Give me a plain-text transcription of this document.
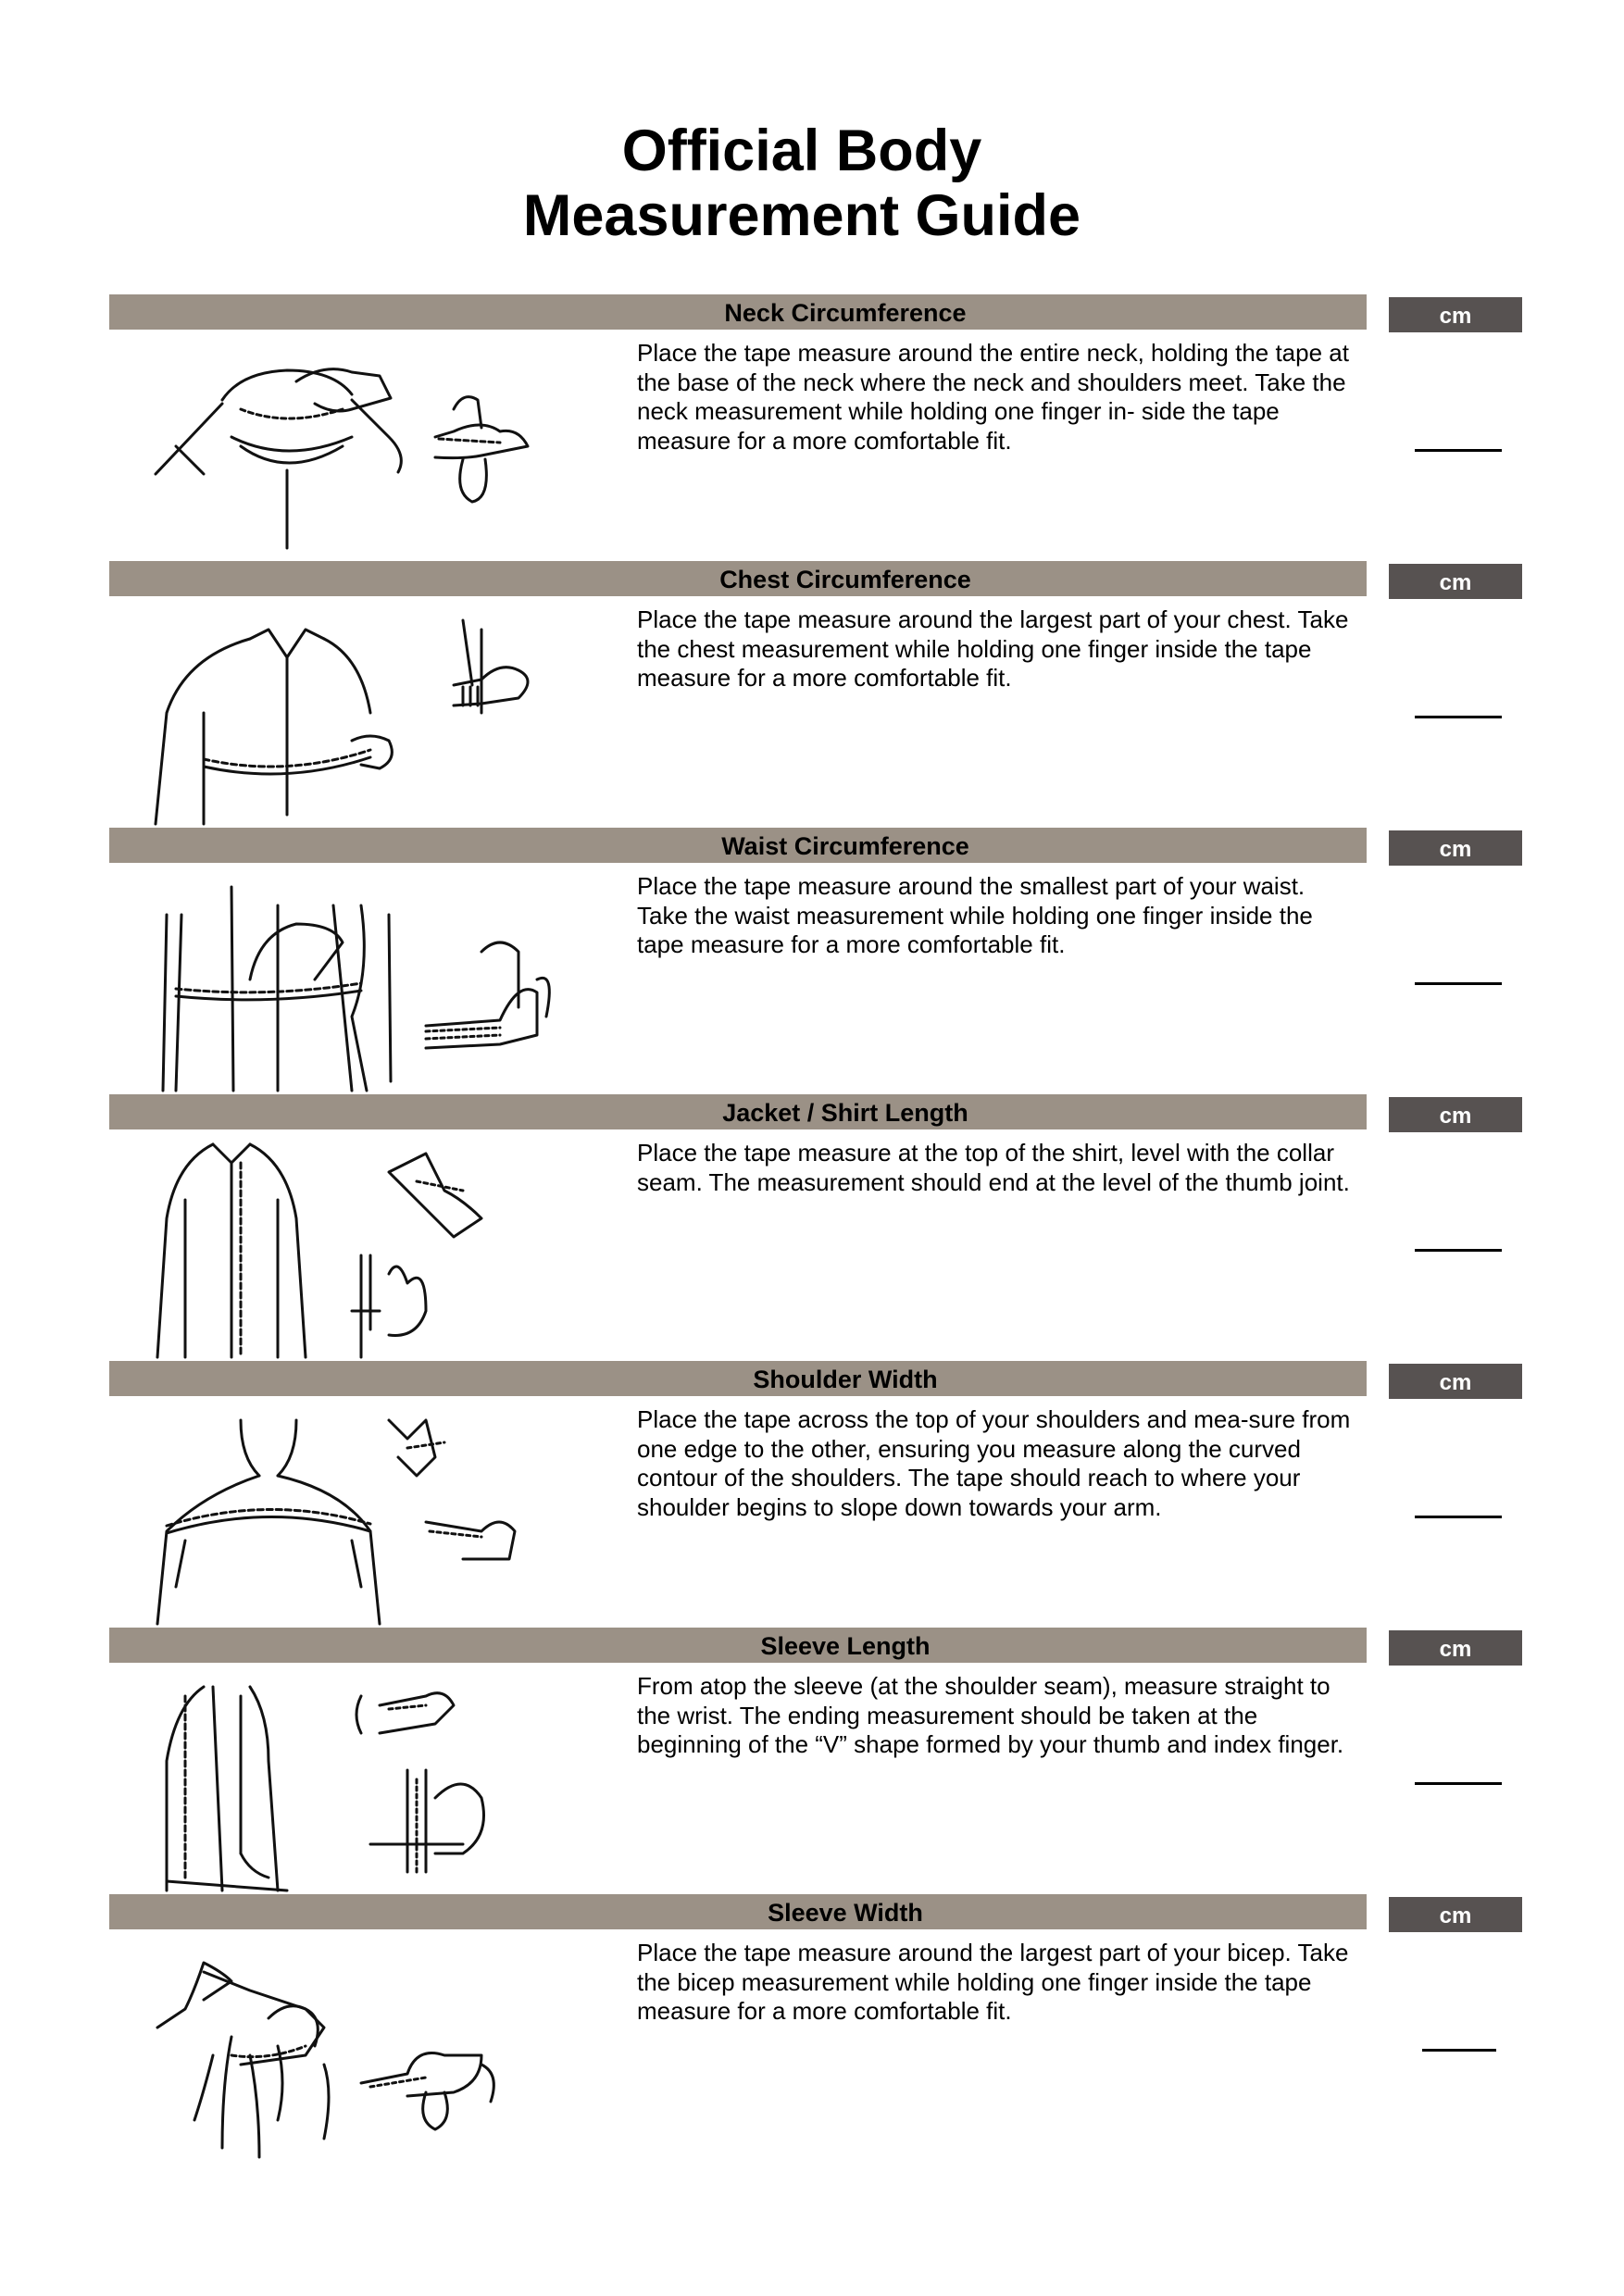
Official Body
Measurement Guide
Neck Circumference	cm
Place the tape measure around the entire neck, holding the tape at the base of the neck where the neck and shoulders meet. Take the neck measurement while holding one finger in- side the tape measure for a more comfortable fit.
Chest Circumference	cm
Place the tape measure around the largest part of your chest. Take the chest measurement while holding one finger inside the tape measure for a more comfortable fit.
Waist Circumference	cm
Place the tape measure around the smallest part of your waist. Take the waist measurement while holding one finger inside the tape measure for a more comfortable fit.
Jacket / Shirt Length	cm
Place the tape measure at the top of the shirt, level with the collar seam. The measurement should end at the level of the thumb joint.
Shoulder Width	cm
Place the tape across the top of your shoulders and mea-sure from one edge to the other, ensuring you measure along the curved contour of the shoulders. The tape should reach to where your shoulder begins to slope down towards your arm.
Sleeve Length	cm
From atop the sleeve (at the shoulder seam), measure straight to the wrist. The ending measurement should be taken at the beginning of the “V” shape formed by your thumb and index finger.
Sleeve Width	cm
Place the tape measure around the largest part of your bicep. Take the bicep measurement while holding one finger inside the tape measure for a more comfortable fit.
